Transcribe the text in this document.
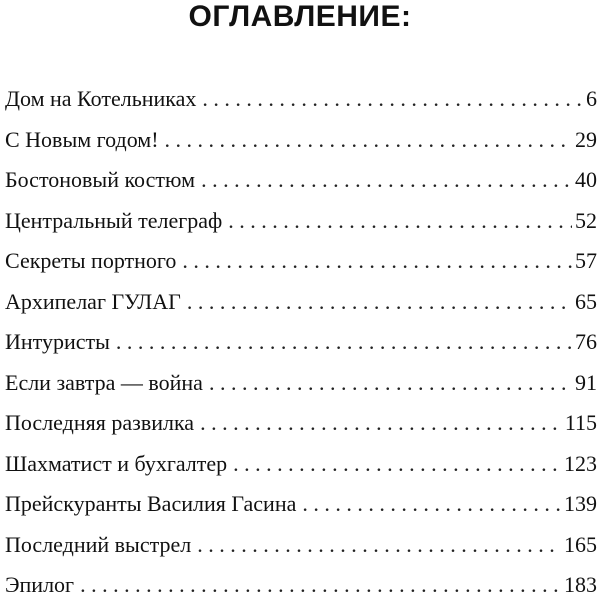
ОГЛАВЛЕНИЕ:
Дом на Котельниках . . .	6
С Новым годом! . . .	29
Бостоновый костюм . . .	40
Центральный телеграф . . .	52
Секреты портного . . .	57
Архипелаг ГУЛАГ . . .	65
Интуристы . . .	76
Если завтра — война . . .	91
Последняя развилка . . .	115
Шахматист и бухгалтер . . .	123
Прейскуранты Василия Гасина . . .	139
Последний выстрел . . .	165
Эпилог . . .	183
